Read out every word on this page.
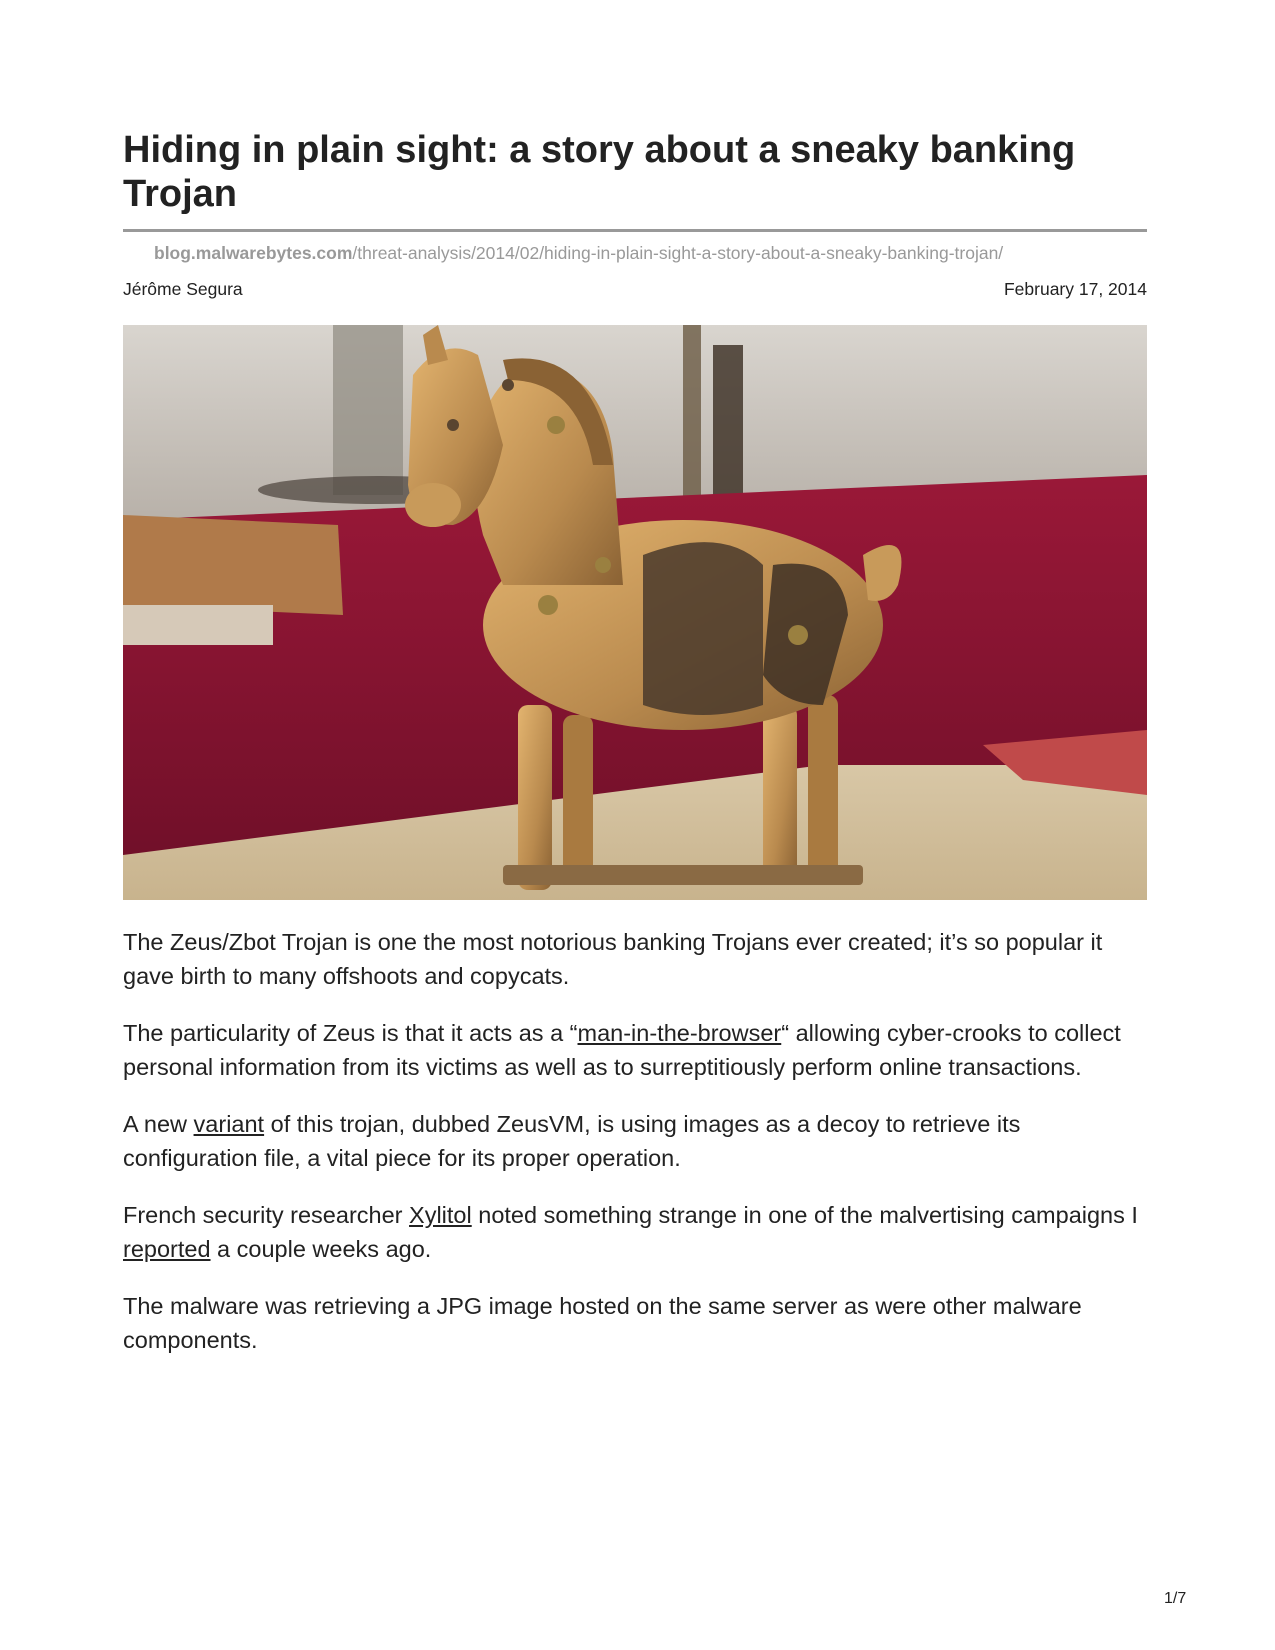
Hiding in plain sight: a story about a sneaky banking Trojan
blog.malwarebytes.com/threat-analysis/2014/02/hiding-in-plain-sight-a-story-about-a-sneaky-banking-trojan/
Jérôme Segura	February 17, 2014

The Zeus/Zbot Trojan is one the most notorious banking Trojans ever created; it’s so popular it gave birth to many offshoots and copycats.

The particularity of Zeus is that it acts as a “man-in-the-browser“ allowing cyber-crooks to collect personal information from its victims as well as to surreptitiously perform online transactions.

A new variant of this trojan, dubbed ZeusVM, is using images as a decoy to retrieve its configuration file, a vital piece for its proper operation.

French security researcher Xylitol noted something strange in one of the malvertising campaigns I reported a couple weeks ago.

The malware was retrieving a JPG image hosted on the same server as were other malware components.

1/7
